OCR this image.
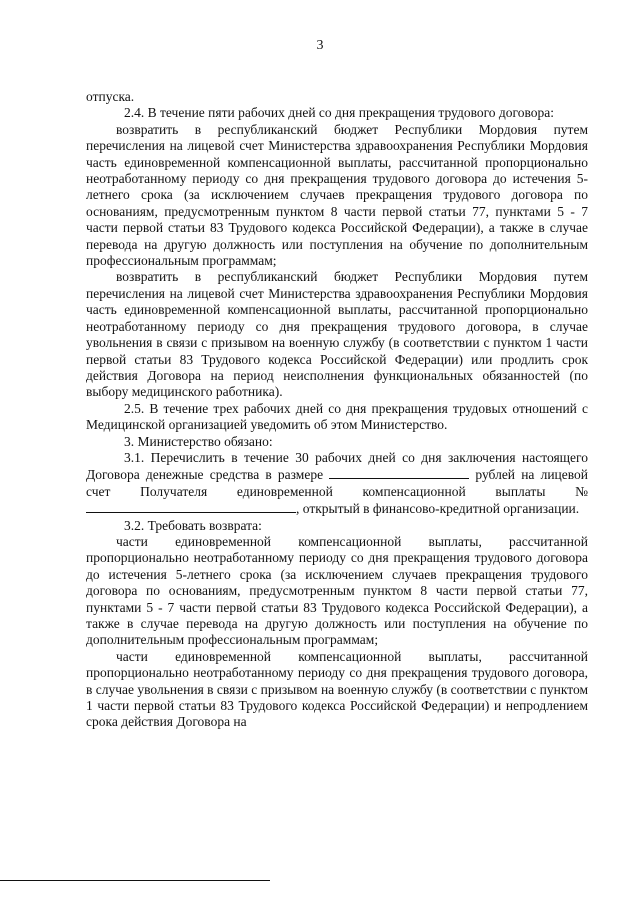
3

отпуска.

2.4. В течение пяти рабочих дней со дня прекращения трудового договора:

возвратить в республиканский бюджет Республики Мордовия путем перечисления на лицевой счет Министерства здравоохранения Республики Мордовия часть единовременной компенсационной выплаты, рассчитанной пропорционально неотработанному периоду со дня прекращения трудового договора до истечения 5-летнего срока (за исключением случаев прекращения трудового договора по основаниям, предусмотренным пунктом 8 части первой статьи 77, пунктами 5 - 7 части первой статьи 83 Трудового кодекса Российской Федерации), а также в случае перевода на другую должность или поступления на обучение по дополнительным профессиональным программам;

возвратить в республиканский бюджет Республики Мордовия путем перечисления на лицевой счет Министерства здравоохранения Республики Мордовия часть единовременной компенсационной выплаты, рассчитанной пропорционально неотработанному периоду со дня прекращения трудового договора, в случае увольнения в связи с призывом на военную службу (в соответствии с пунктом 1 части первой статьи 83 Трудового кодекса Российской Федерации) или продлить срок действия Договора на период неисполнения функциональных обязанностей (по выбору медицинского работника).

2.5. В течение трех рабочих дней со дня прекращения трудовых отношений с Медицинской организацией уведомить об этом Министерство.

3. Министерство обязано:

3.1. Перечислить в течение 30 рабочих дней со дня заключения настоящего Договора денежные средства в размере	рублей на лицевой счет Получателя единовременной компенсационной выплаты №, открытый в финансово-кредитной организации.

3.2. Требовать возврата:

части единовременной компенсационной выплаты, рассчитанной пропорционально неотработанному периоду со дня прекращения трудового договора до истечения 5-летнего срока (за исключением случаев прекращения трудового договора по основаниям, предусмотренным пунктом 8 части первой статьи 77, пунктами 5 - 7 части первой статьи 83 Трудового кодекса Российской Федерации), а также в случае перевода на другую должность или поступления на обучение по дополнительным профессиональным программам;

части единовременной компенсационной выплаты, рассчитанной пропорционально неотработанному периоду со дня прекращения трудового договора, в случае увольнения в связи с призывом на военную службу (в соответствии с пунктом 1 части первой статьи 83 Трудового кодекса Российской Федерации) и непродлением срока действия Договора на
